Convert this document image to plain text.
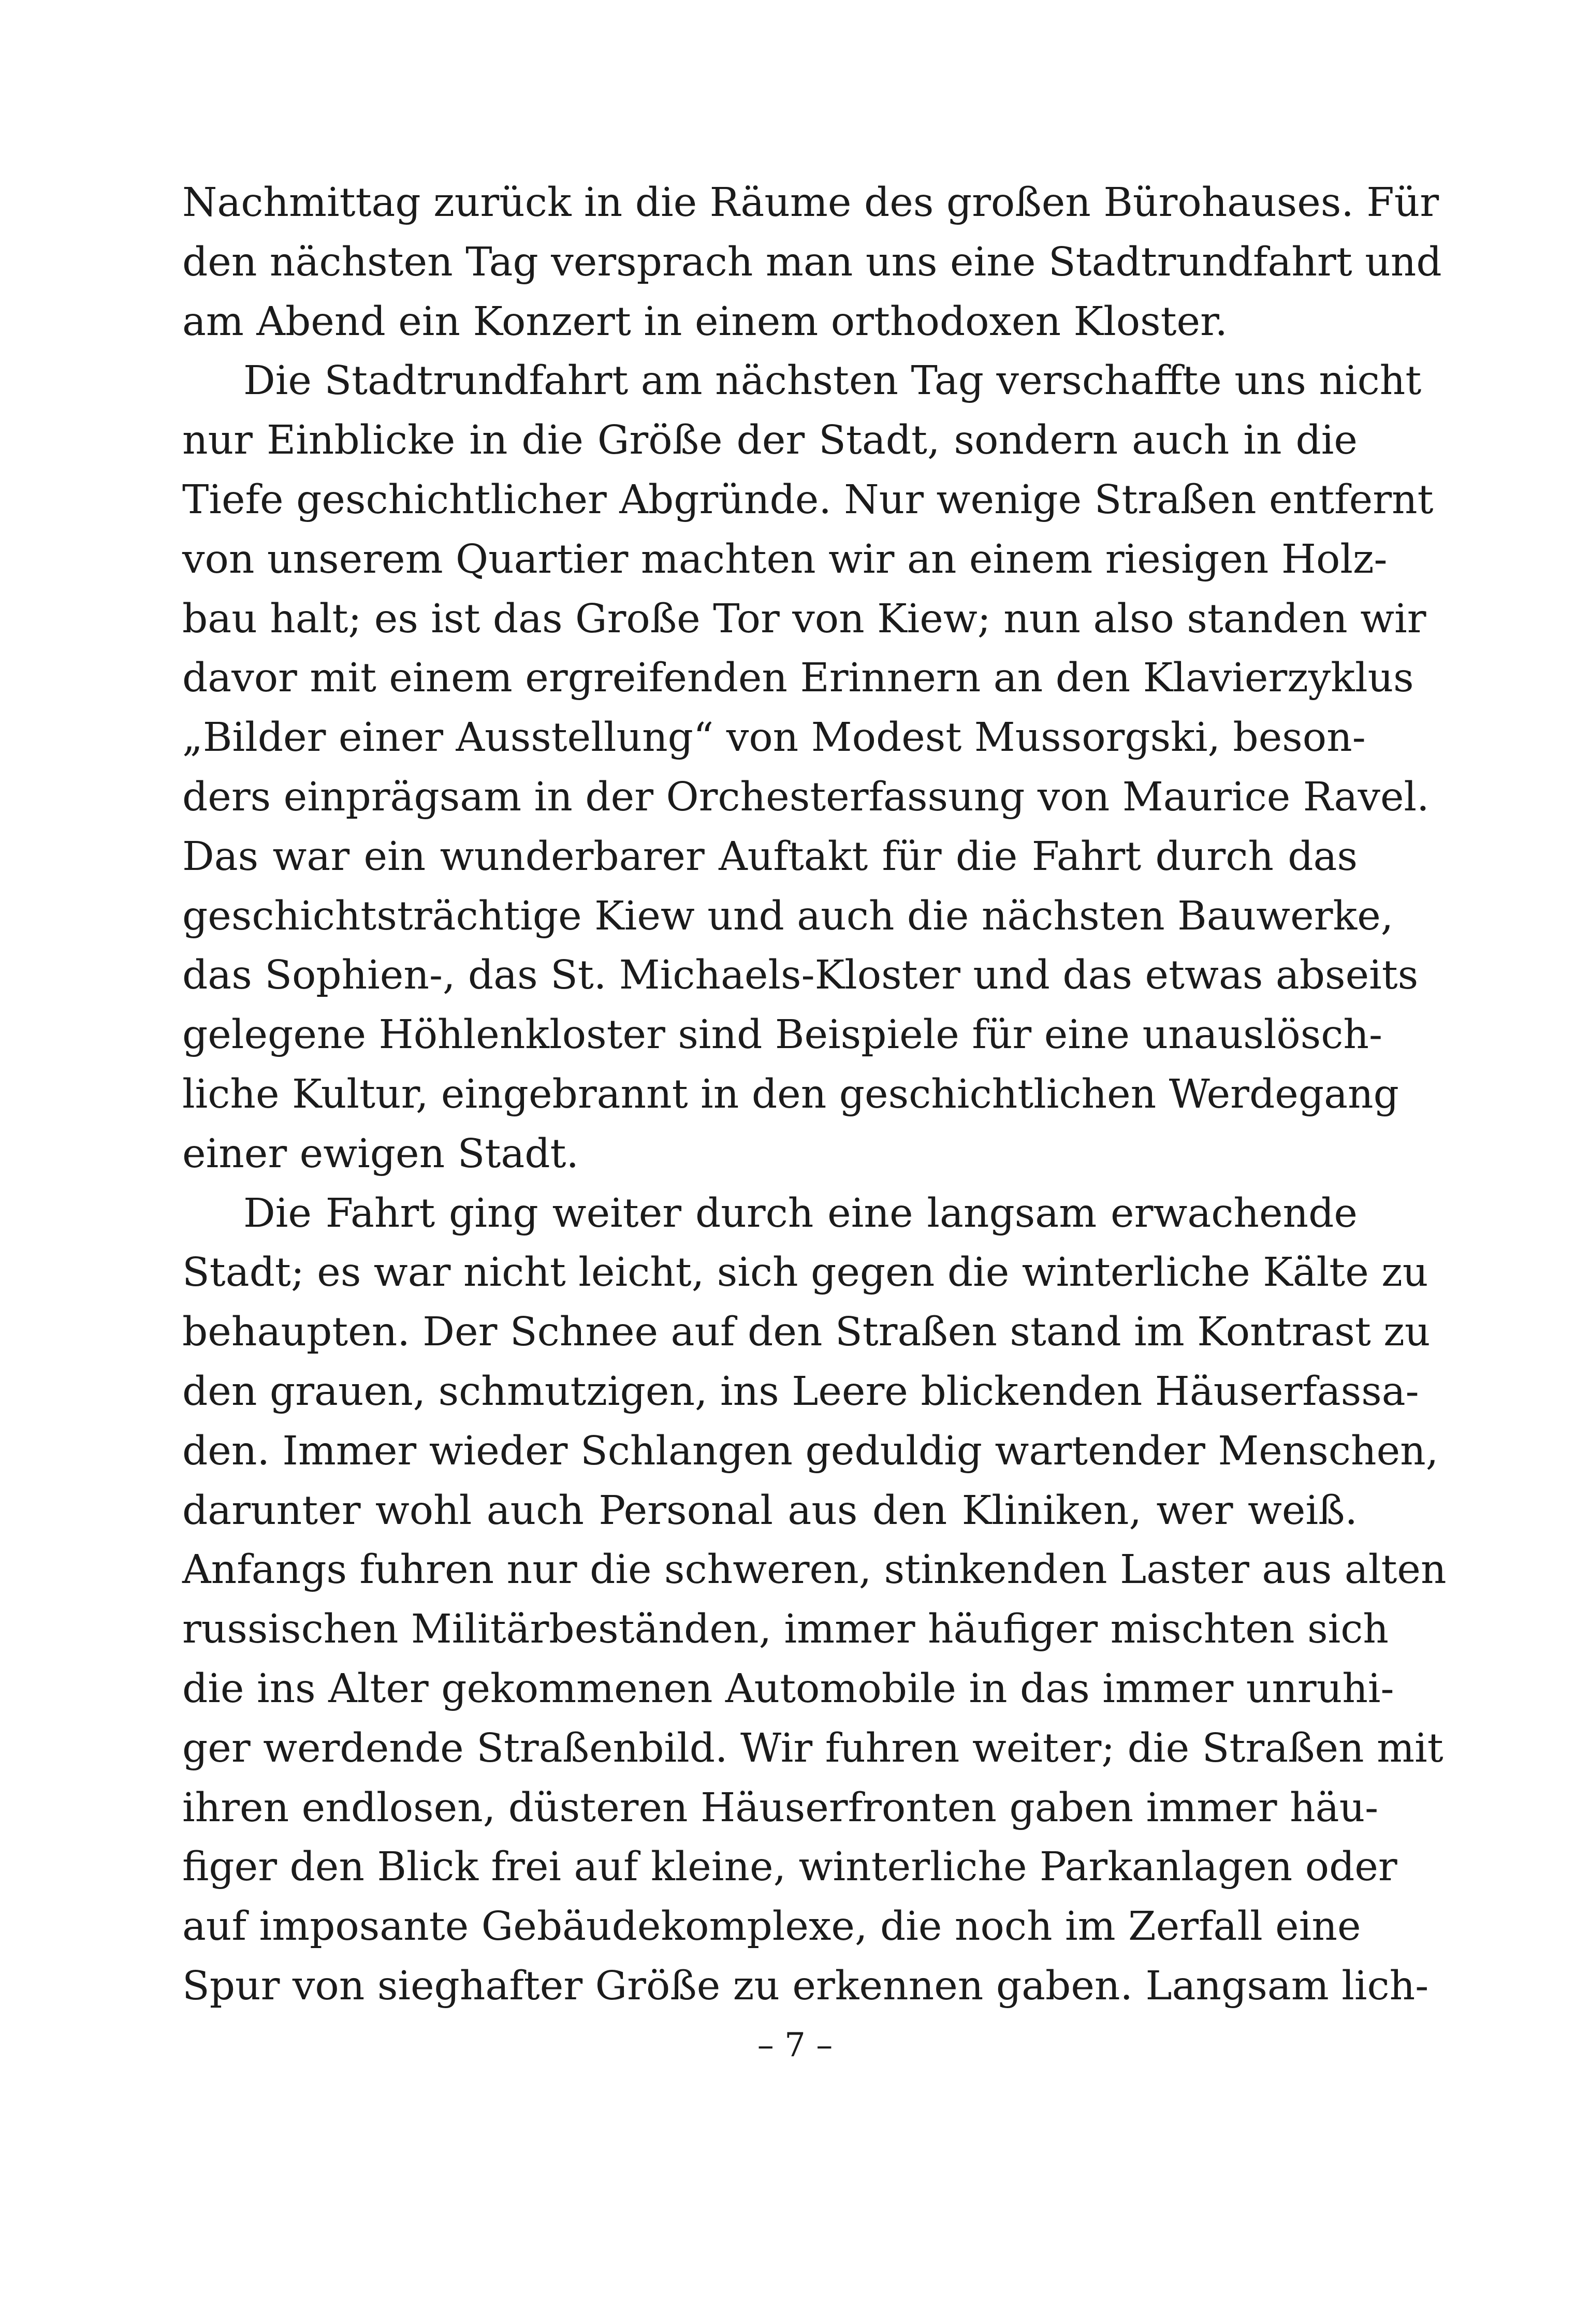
Nachmittag zurück in die Räume des großen Bürohauses. Für
den nächsten Tag versprach man uns eine Stadtrundfahrt und
am Abend ein Konzert in einem orthodoxen Kloster.
Die Stadtrundfahrt am nächsten Tag verschaffte uns nicht
nur Einblicke in die Größe der Stadt, sondern auch in die
Tiefe geschichtlicher Abgründe. Nur wenige Straßen entfernt
von unserem Quartier machten wir an einem riesigen Holz-
bau halt; es ist das Große Tor von Kiew; nun also standen wir
davor mit einem ergreifenden Erinnern an den Klavierzyklus
„Bilder einer Ausstellung“ von Modest Mussorgski, beson-
ders einprägsam in der Orchesterfassung von Maurice Ravel.
Das war ein wunderbarer Auftakt für die Fahrt durch das
geschichtsträchtige Kiew und auch die nächsten Bauwerke,
das Sophien-, das St. Michaels-Kloster und das etwas abseits
gelegene Höhlenkloster sind Beispiele für eine unauslösch-
liche Kultur, eingebrannt in den geschichtlichen Werdegang
einer ewigen Stadt.
Die Fahrt ging weiter durch eine langsam erwachende
Stadt; es war nicht leicht, sich gegen die winterliche Kälte zu
behaupten. Der Schnee auf den Straßen stand im Kontrast zu
den grauen, schmutzigen, ins Leere blickenden Häuserfassa-
den. Immer wieder Schlangen geduldig wartender Menschen,
darunter wohl auch Personal aus den Kliniken, wer weiß.
Anfangs fuhren nur die schweren, stinkenden Laster aus alten
russischen Militärbeständen, immer häufiger mischten sich
die ins Alter gekommenen Automobile in das immer unruhi-
ger werdende Straßenbild. Wir fuhren weiter; die Straßen mit
ihren endlosen, düsteren Häuserfronten gaben immer häu-
figer den Blick frei auf kleine, winterliche Parkanlagen oder
auf imposante Gebäudekomplexe, die noch im Zerfall eine
Spur von sieghafter Größe zu erkennen gaben. Langsam lich-
– 7 –
